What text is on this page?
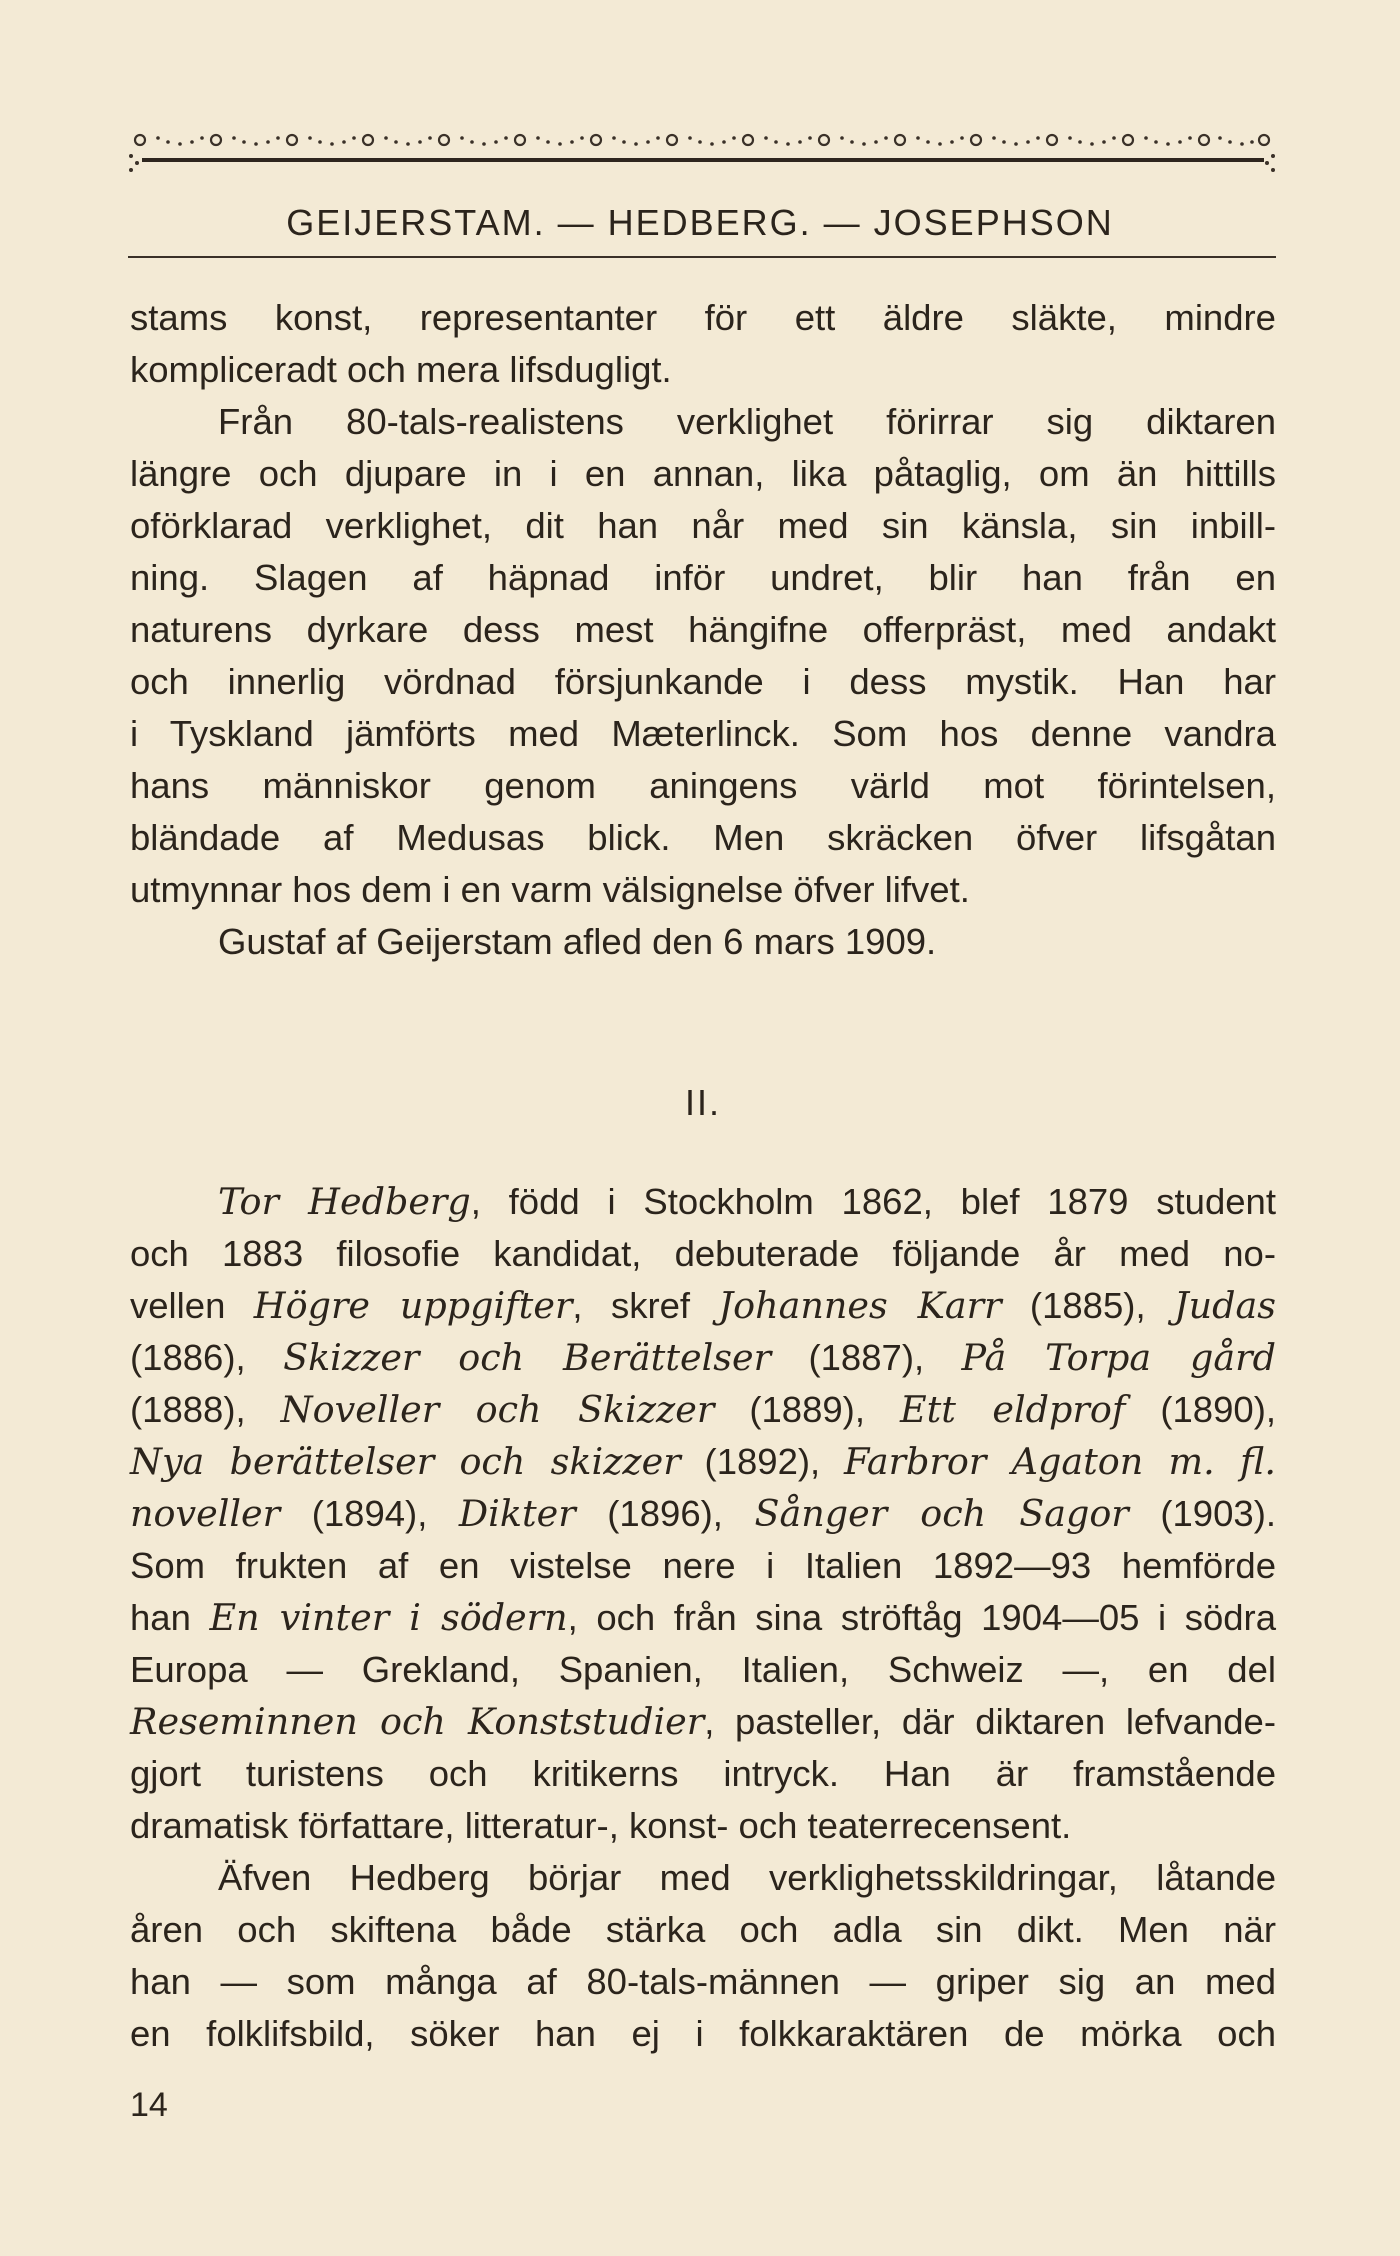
GEIJERSTAM. — HEDBERG. — JOSEPHSON
stams konst, representanter för ett äldre släkte, mindre
kompliceradt och mera lifsdugligt.
Från 80-tals-realistens verklighet förirrar sig diktaren
längre och djupare in i en annan, lika påtaglig, om än hittills
oförklarad verklighet, dit han når med sin känsla, sin inbill-
ning. Slagen af häpnad inför undret, blir han från en
naturens dyrkare dess mest hängifne offerpräst, med andakt
och innerlig vördnad försjunkande i dess mystik. Han har
i Tyskland jämförts med Mæterlinck. Som hos denne vandra
hans människor genom aningens värld mot förintelsen,
bländade af Medusas blick. Men skräcken öfver lifsgåtan
utmynnar hos dem i en varm välsignelse öfver lifvet.
Gustaf af Geijerstam afled den 6 mars 1909.
II.
Tor Hedberg, född i Stockholm 1862, blef 1879 student
och 1883 filosofie kandidat, debuterade följande år med no-
vellen Högre uppgifter, skref Johannes Karr (1885), Judas
(1886), Skizzer och Berättelser (1887), På Torpa gård
(1888), Noveller och Skizzer (1889), Ett eldprof (1890),
Nya berättelser och skizzer (1892), Farbror Agaton m. fl.
noveller (1894), Dikter (1896), Sånger och Sagor (1903).
Som frukten af en vistelse nere i Italien 1892—93 hemförde
han En vinter i södern, och från sina ströftåg 1904—05 i södra
Europa — Grekland, Spanien, Italien, Schweiz —, en del
Reseminnen och Konststudier, pasteller, där diktaren lefvande-
gjort turistens och kritikerns intryck. Han är framstående
dramatisk författare, litteratur-, konst- och teaterrecensent.
Äfven Hedberg börjar med verklighetsskildringar, låtande
åren och skiftena både stärka och adla sin dikt. Men när
han — som många af 80-tals-männen — griper sig an med
en folklifsbild, söker han ej i folkkaraktären de mörka och
14
